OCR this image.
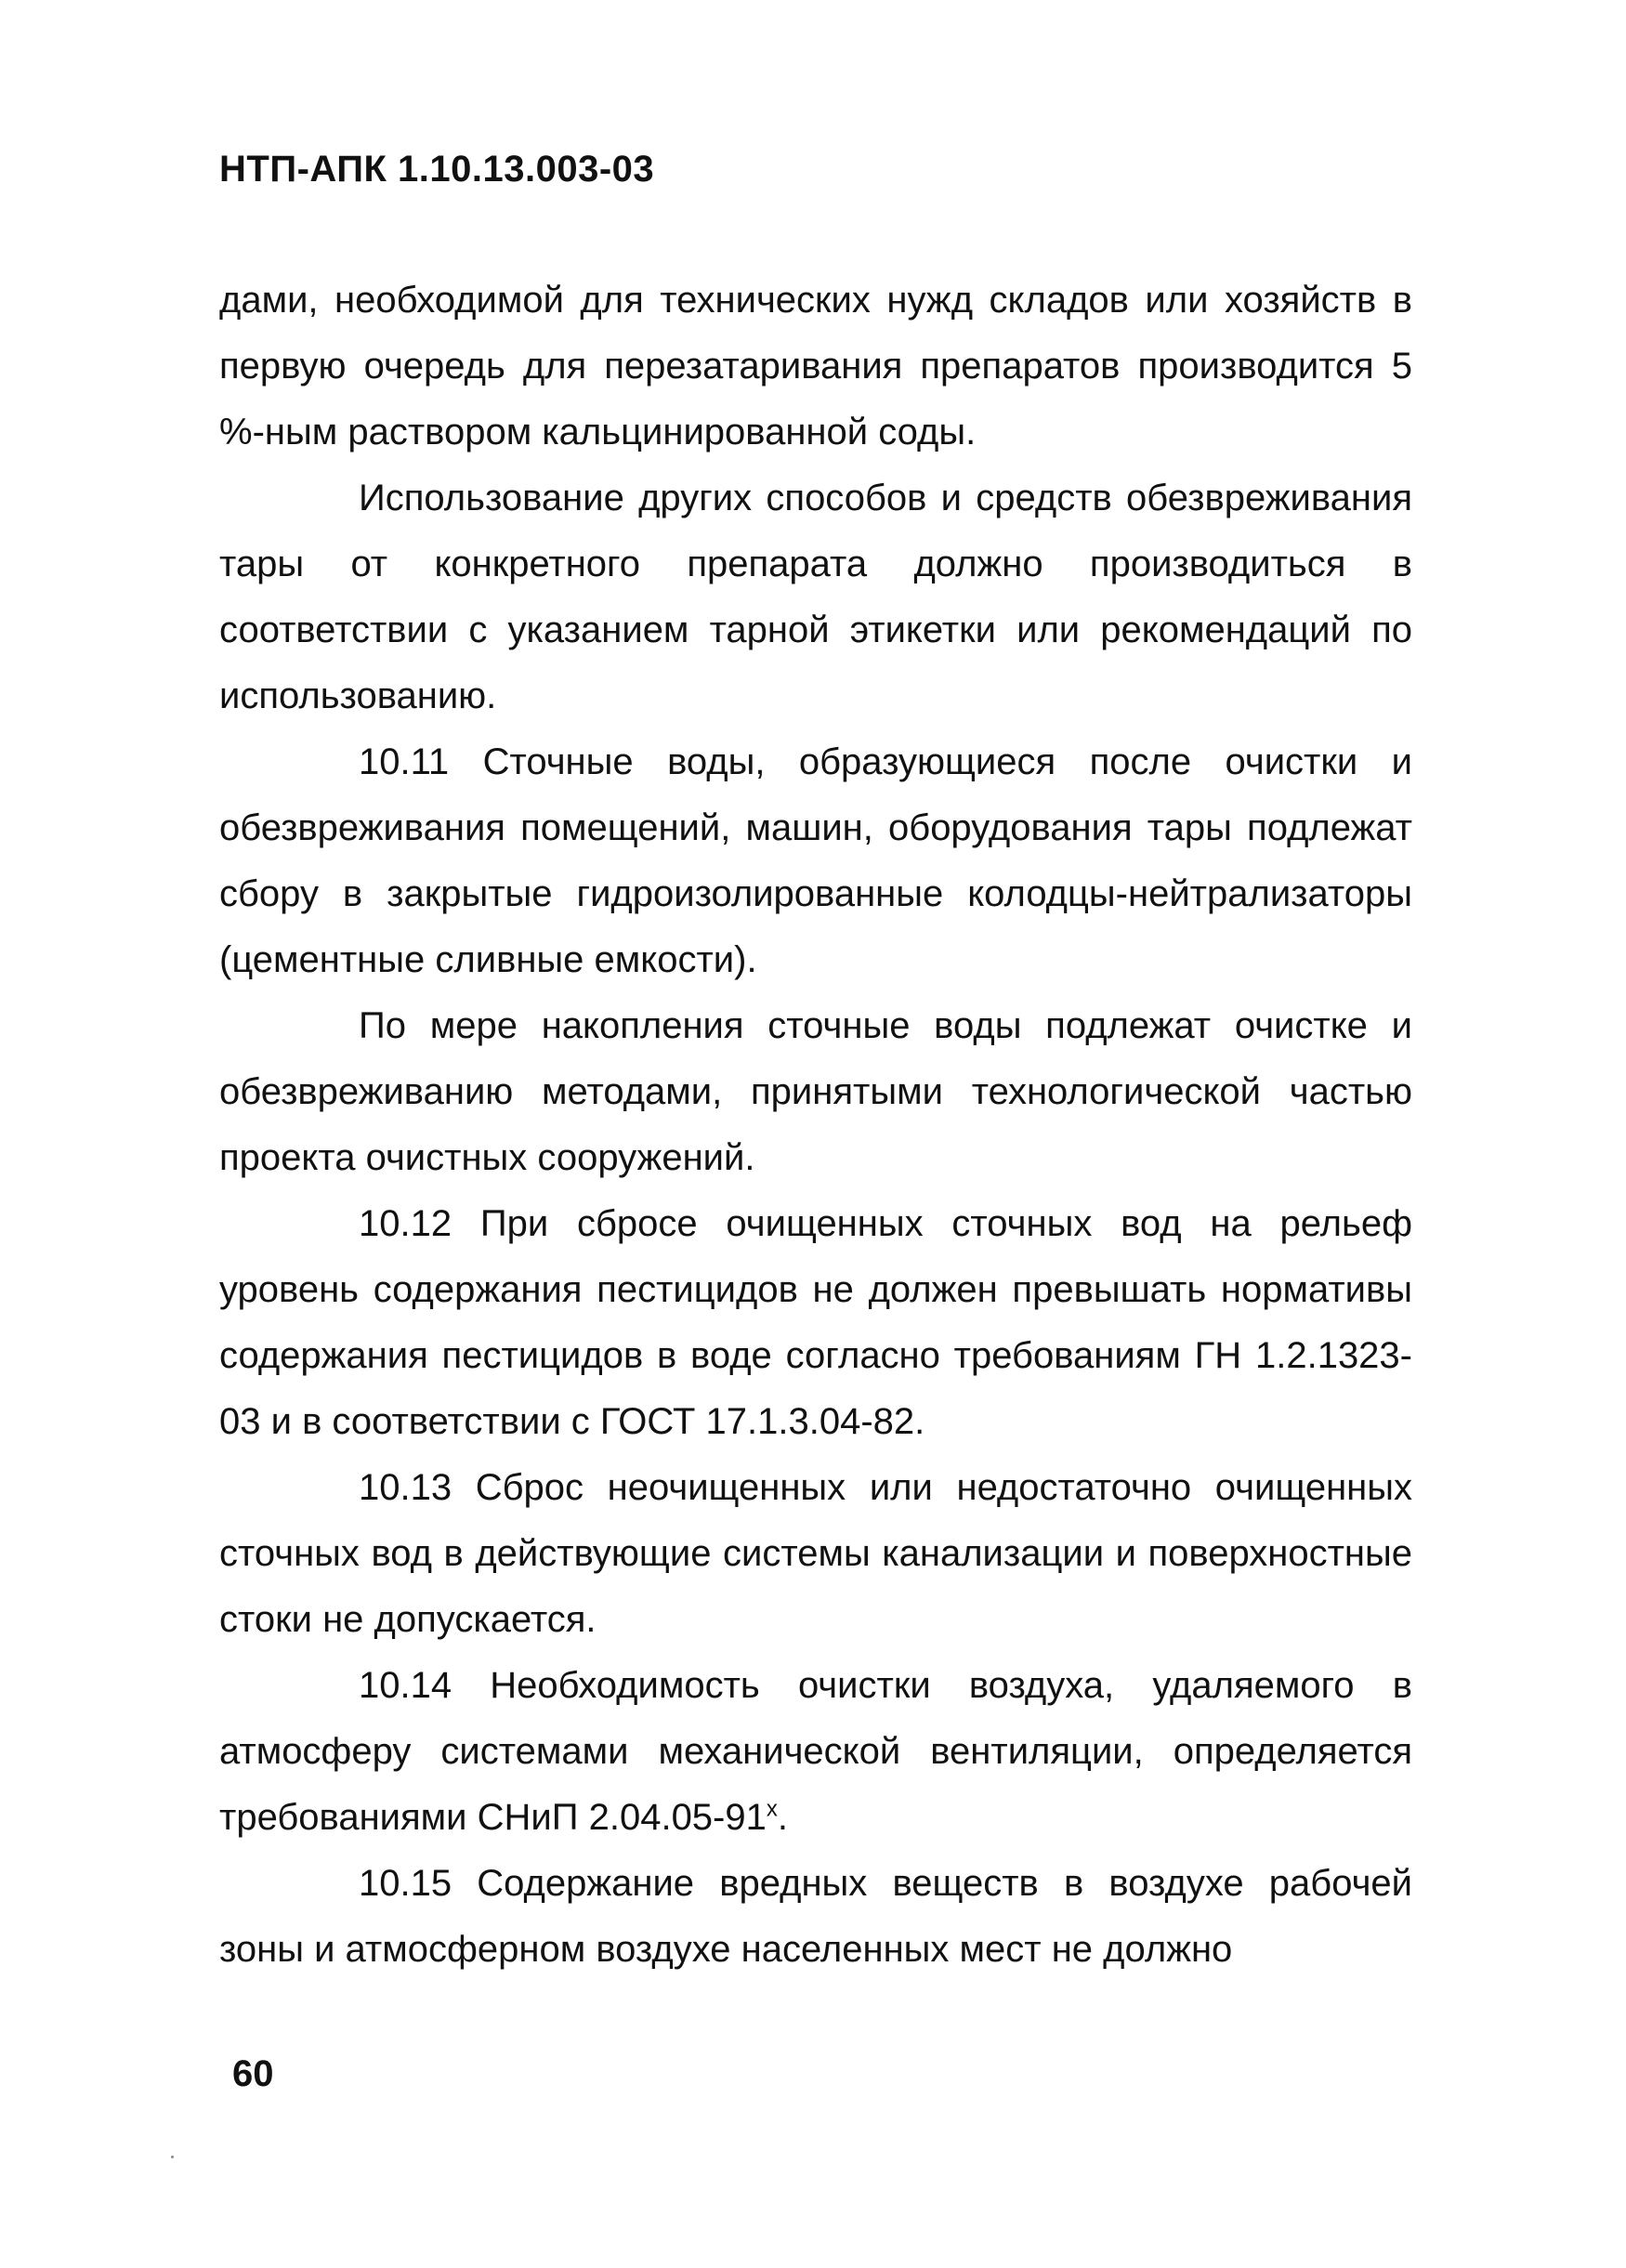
НТП-АПК 1.10.13.003-03

дами, необходимой для технических нужд складов или хозяйств в первую очередь для перезатаривания препаратов производится 5 %-ным раствором кальцинированной соды.

Использование других способов и средств обезвреживания тары от конкретного препарата должно производиться в соответствии с указанием тарной этикетки или рекомендаций по использованию.

10.11 Сточные воды, образующиеся после очистки и обезвреживания помещений, машин, оборудования тары подлежат сбору в закрытые гидроизолированные колодцы-нейтрализаторы (цементные сливные емкости).

По мере накопления сточные воды подлежат очистке и обезвреживанию методами, принятыми технологической частью проекта очистных сооружений.

10.12 При сбросе очищенных сточных вод на рельеф уровень содержания пестицидов не должен превышать нормативы содержания пестицидов в воде согласно требованиям ГН 1.2.1323-03 и в соответствии с ГОСТ 17.1.3.04-82.

10.13 Сброс неочищенных или недостаточно очищенных сточных вод в действующие системы канализации и поверхностные стоки не допускается.

10.14 Необходимость очистки воздуха, удаляемого в атмосферу системами механической вентиляции, определяется требованиями СНиП $2.04.05-91^х$.

10.15 Содержание вредных веществ в воздухе рабочей зоны и атмосферном воздухе населенных мест не должно

60
